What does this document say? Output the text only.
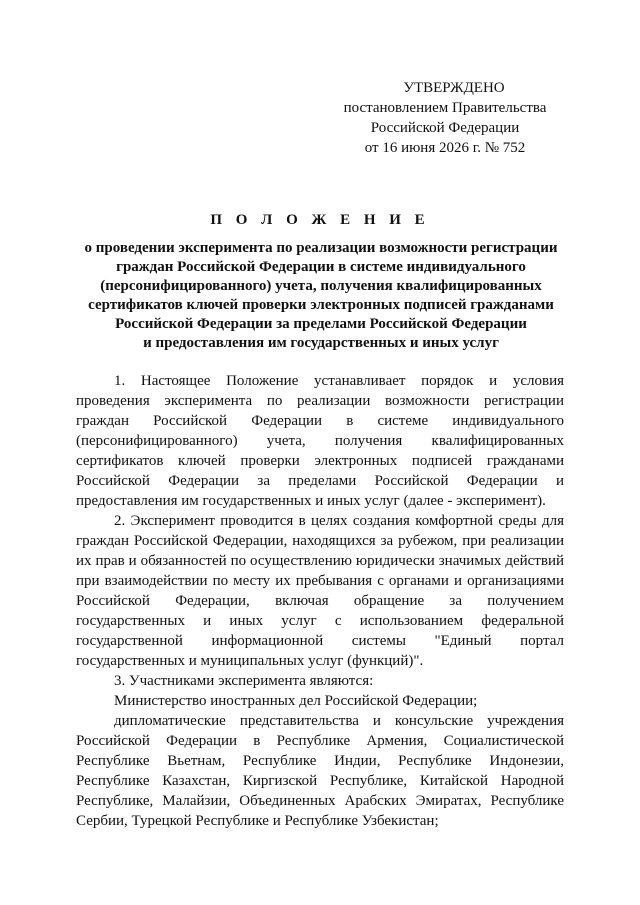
УТВЕРЖДЕНО
постановлением Правительства
Российской Федерации
от 16 июня 2026 г. № 752
П О Л О Ж Е Н И Е
о проведении эксперимента по реализации возможности регистрации
граждан Российской Федерации в системе индивидуального
(персонифицированного) учета, получения квалифицированных
сертификатов ключей проверки электронных подписей гражданами
Российской Федерации за пределами Российской Федерации
и предоставления им государственных и иных услуг

1. Настоящее Положение устанавливает порядок и условия проведения эксперимента по реализации возможности регистрации граждан Российской Федерации в системе индивидуального (персонифицированного) учета, получения квалифицированных сертификатов ключей проверки электронных подписей гражданами Российской Федерации за пределами Российской Федерации и предоставления им государственных и иных услуг (далее - эксперимент).

2. Эксперимент проводится в целях создания комфортной среды для граждан Российской Федерации, находящихся за рубежом, при реализации их прав и обязанностей по осуществлению юридически значимых действий при взаимодействии по месту их пребывания с органами и организациями Российской Федерации, включая обращение за получением государственных и иных услуг с использованием федеральной государственной информационной системы "Единый портал государственных и муниципальных услуг (функций)".

3. Участниками эксперимента являются:

Министерство иностранных дел Российской Федерации;

дипломатические представительства и консульские учреждения Российской Федерации в Республике Армения, Социалистической Республике Вьетнам, Республике Индии, Республике Индонезии, Республике Казахстан, Киргизской Республике, Китайской Народной Республике, Малайзии, Объединенных Арабских Эмиратах, Республике Сербии, Турецкой Республике и Республике Узбекистан;
